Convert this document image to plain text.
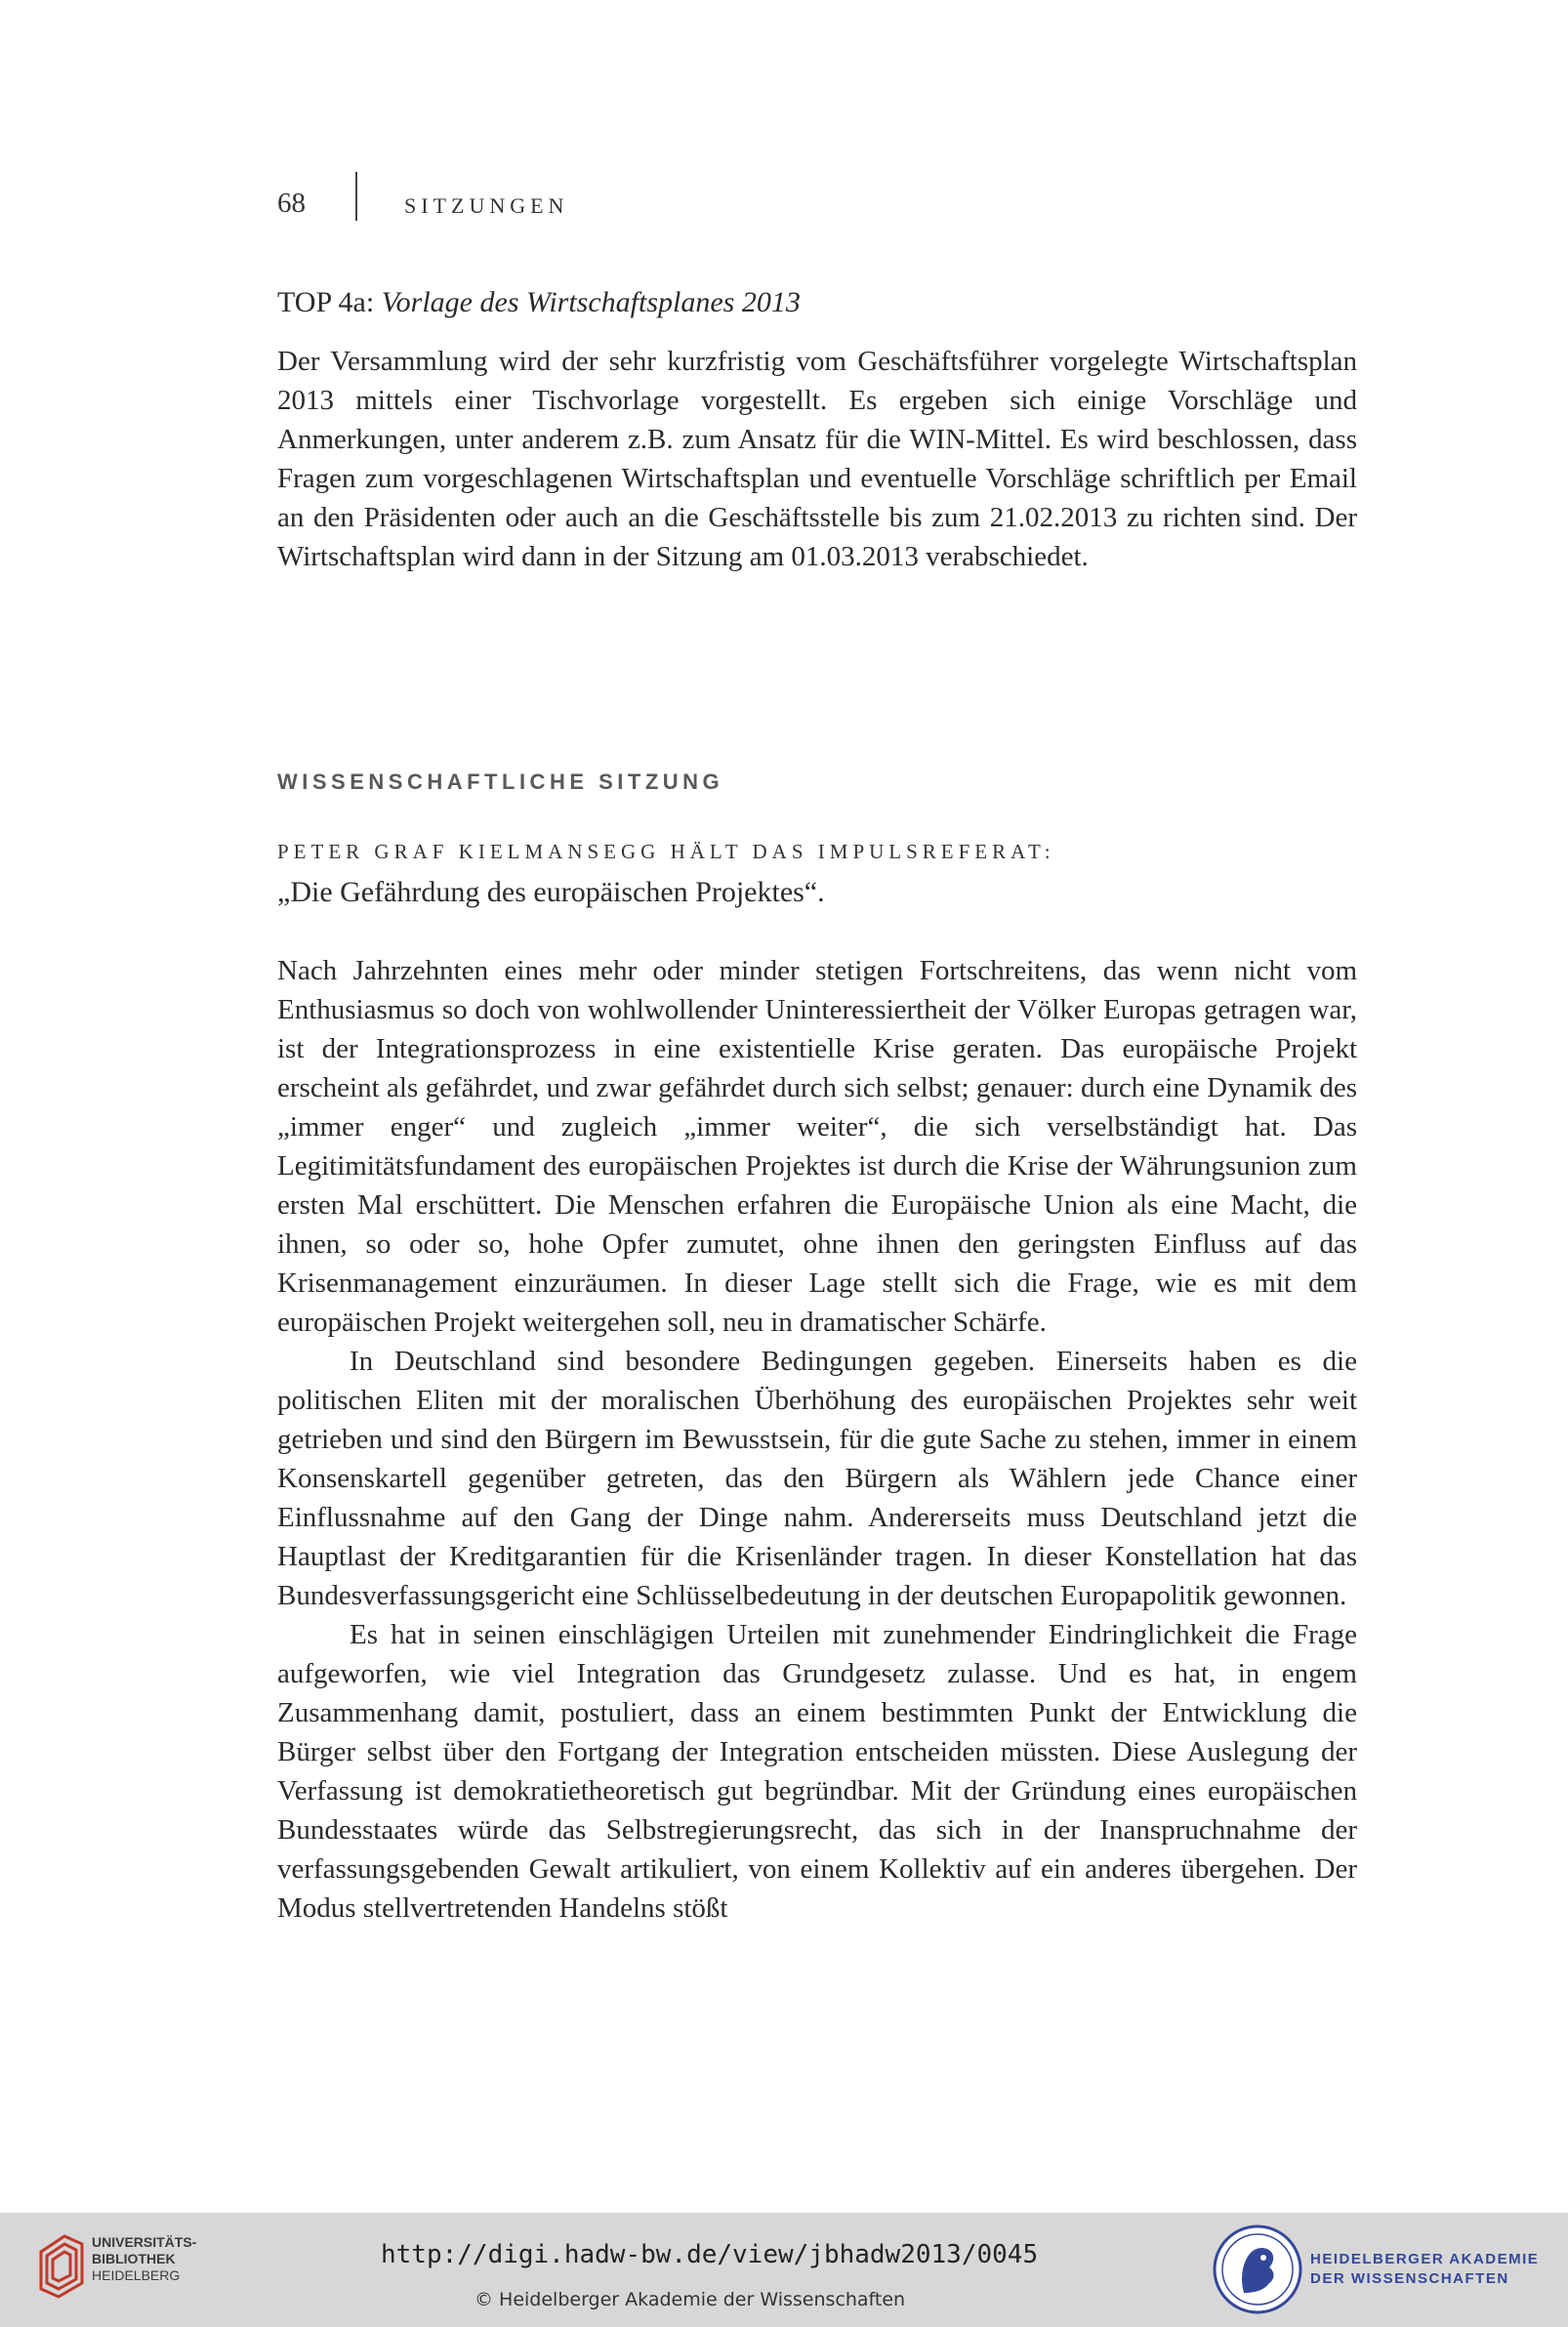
68	SITZUNGEN
TOP 4a: Vorlage des Wirtschaftsplanes 2013

Der Versammlung wird der sehr kurzfristig vom Geschäftsführer vorgelegte Wirtschaftsplan 2013 mittels einer Tischvorlage vorgestellt. Es ergeben sich einige Vorschläge und Anmerkungen, unter anderem z.B. zum Ansatz für die WIN-Mittel. Es wird beschlossen, dass Fragen zum vorgeschlagenen Wirtschaftsplan und eventuelle Vorschläge schriftlich per Email an den Präsidenten oder auch an die Geschäftsstelle bis zum 21.02.2013 zu richten sind. Der Wirtschaftsplan wird dann in der Sitzung am 01.03.2013 verabschiedet.

WISSENSCHAFTLICHE SITZUNG
PETER GRAF KIELMANSEGG HÄLT DAS IMPULSREFERAT:
„Die Gefährdung des europäischen Projektes“.

Nach Jahrzehnten eines mehr oder minder stetigen Fortschreitens, das wenn nicht vom Enthusiasmus so doch von wohlwollender Uninteressiertheit der Völker Europas getragen war, ist der Integrationsprozess in eine existentielle Krise geraten. Das europäische Projekt erscheint als gefährdet, und zwar gefährdet durch sich selbst; genauer: durch eine Dynamik des „immer enger“ und zugleich „immer weiter“, die sich verselbständigt hat. Das Legitimitätsfundament des europäischen Projektes ist durch die Krise der Währungsunion zum ersten Mal erschüttert. Die Menschen erfahren die Europäische Union als eine Macht, die ihnen, so oder so, hohe Opfer zumutet, ohne ihnen den geringsten Einfluss auf das Krisenmanagement einzuräumen. In dieser Lage stellt sich die Frage, wie es mit dem europäischen Projekt weitergehen soll, neu in dramatischer Schärfe.

In Deutschland sind besondere Bedingungen gegeben. Einerseits haben es die politischen Eliten mit der moralischen Überhöhung des europäischen Projektes sehr weit getrieben und sind den Bürgern im Bewusstsein, für die gute Sache zu stehen, immer in einem Konsenskartell gegenüber getreten, das den Bürgern als Wählern jede Chance einer Einflussnahme auf den Gang der Dinge nahm. Andererseits muss Deutschland jetzt die Hauptlast der Kreditgarantien für die Krisenländer tragen. In dieser Konstellation hat das Bundesverfassungsgericht eine Schlüsselbedeutung in der deutschen Europapolitik gewonnen.

Es hat in seinen einschlägigen Urteilen mit zunehmender Eindringlichkeit die Frage aufgeworfen, wie viel Integration das Grundgesetz zulasse. Und es hat, in engem Zusammenhang damit, postuliert, dass an einem bestimmten Punkt der Entwicklung die Bürger selbst über den Fortgang der Integration entscheiden müssten. Diese Auslegung der Verfassung ist demokratietheoretisch gut begründbar. Mit der Gründung eines europäischen Bundesstaates würde das Selbstregierungsrecht, das sich in der Inanspruchnahme der verfassungsgebenden Gewalt artikuliert, von einem Kollektiv auf ein anderes übergehen. Der Modus stellvertretenden Handelns stößt

UNIVERSITÄTS-
BIBLIOTHEK
HEIDELBERG
http://digi.hadw-bw.de/view/jbhadw2013/0045
© Heidelberger Akademie der Wissenschaften
HEIDELBERGER AKADEMIE
DER WISSENSCHAFTEN
